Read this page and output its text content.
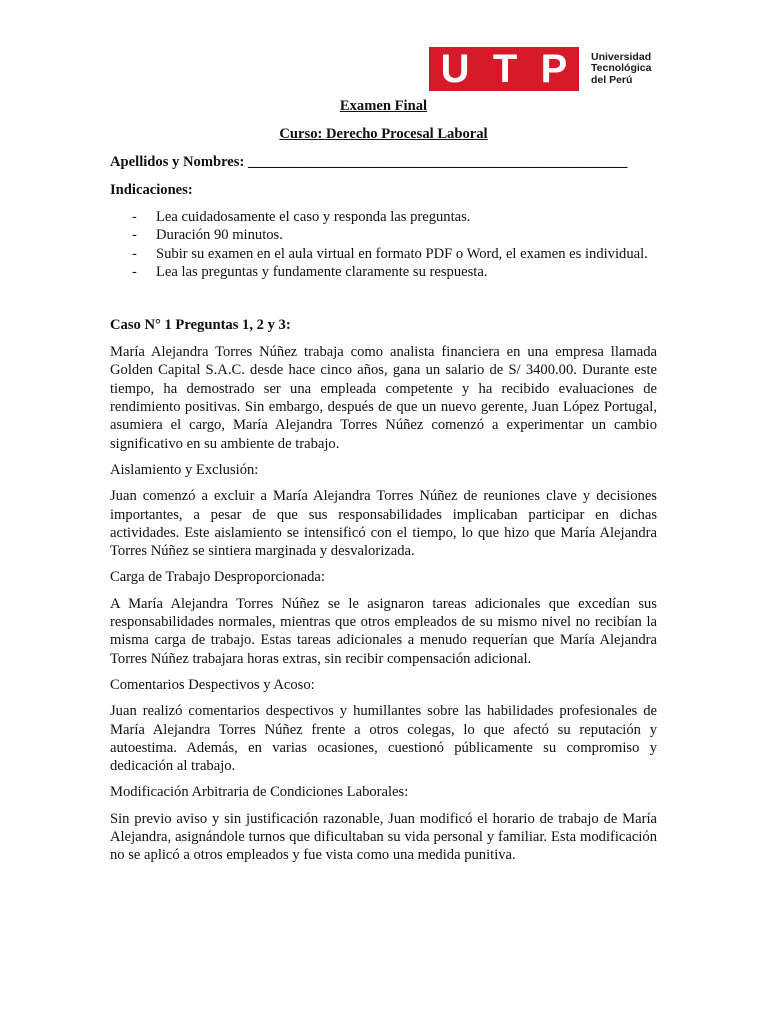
U T P Universidad
Tecnológica
del Perú

Examen Final

Curso: Derecho Procesal Laboral

Apellidos y Nombres: ____________________________________________________

Indicaciones:

- Lea cuidadosamente el caso y responda las preguntas.
- Duración 90 minutos.
- Subir su examen en el aula virtual en formato PDF o Word, el examen es individual.
- Lea las preguntas y fundamente claramente su respuesta.

Caso N° 1 Preguntas 1, 2 y 3:

María Alejandra Torres Núñez trabaja como analista financiera en una empresa llamada Golden Capital S.A.C. desde hace cinco años, gana un salario de S/ 3400.00. Durante este tiempo, ha demostrado ser una empleada competente y ha recibido evaluaciones de rendimiento positivas. Sin embargo, después de que un nuevo gerente, Juan López Portugal, asumiera el cargo, María Alejandra Torres Núñez comenzó a experimentar un cambio significativo en su ambiente de trabajo.

Aislamiento y Exclusión:

Juan comenzó a excluir a María Alejandra Torres Núñez de reuniones clave y decisiones importantes, a pesar de que sus responsabilidades implicaban participar en dichas actividades. Este aislamiento se intensificó con el tiempo, lo que hizo que María Alejandra Torres Núñez se sintiera marginada y desvalorizada.

Carga de Trabajo Desproporcionada:

A María Alejandra Torres Núñez se le asignaron tareas adicionales que excedían sus responsabilidades normales, mientras que otros empleados de su mismo nivel no recibían la misma carga de trabajo. Estas tareas adicionales a menudo requerían que María Alejandra Torres Núñez trabajara horas extras, sin recibir compensación adicional.

Comentarios Despectivos y Acoso:

Juan realizó comentarios despectivos y humillantes sobre las habilidades profesionales de María Alejandra Torres Núñez frente a otros colegas, lo que afectó su reputación y autoestima. Además, en varias ocasiones, cuestionó públicamente su compromiso y dedicación al trabajo.

Modificación Arbitraria de Condiciones Laborales:

Sin previo aviso y sin justificación razonable, Juan modificó el horario de trabajo de María Alejandra, asignándole turnos que dificultaban su vida personal y familiar. Esta modificación no se aplicó a otros empleados y fue vista como una medida punitiva.
